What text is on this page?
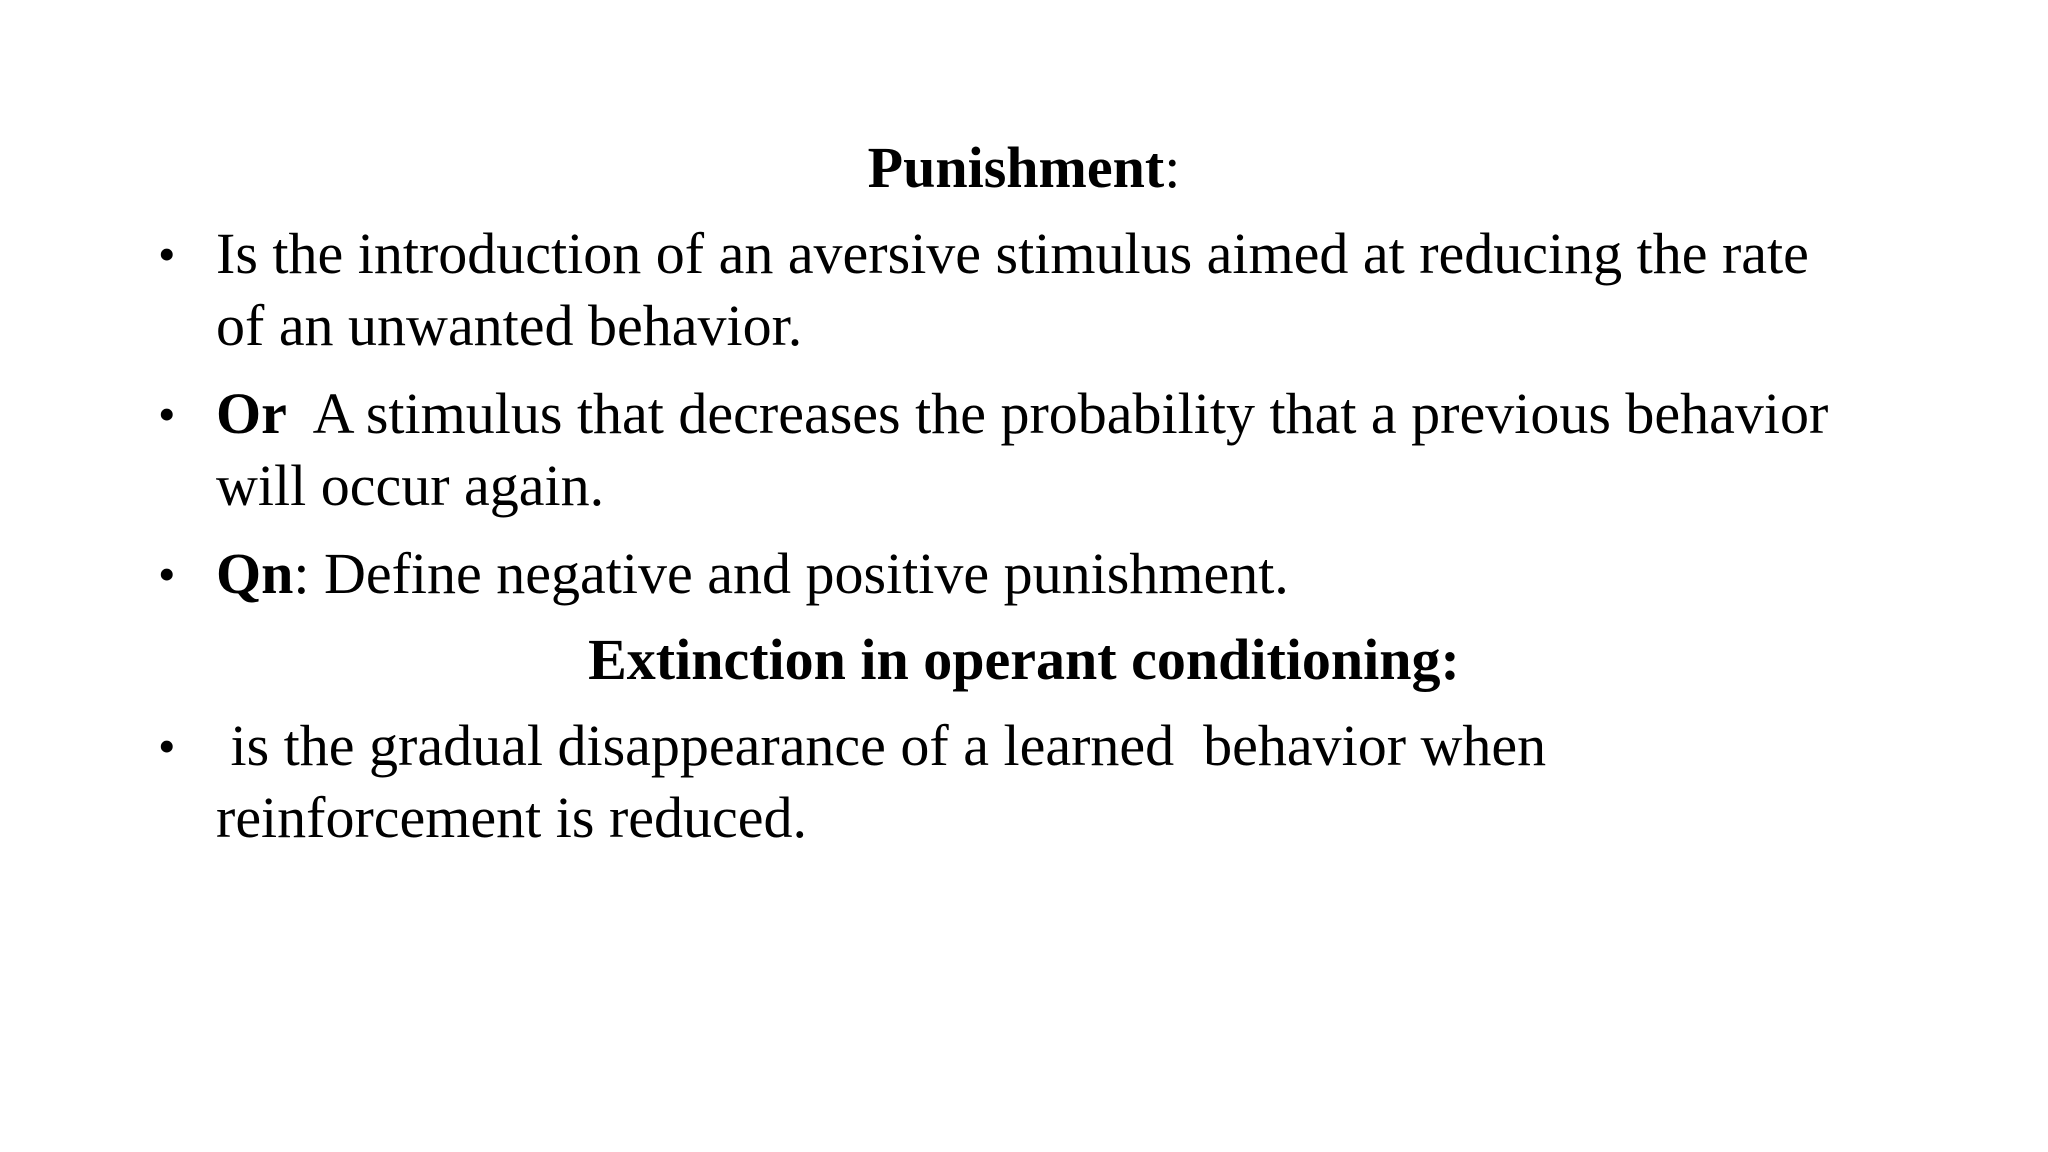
Punishment:
• Is the introduction of an aversive stimulus aimed at reducing the rate
of an unwanted behavior.
• Or  A stimulus that decreases the probability that a previous behavior
will occur again.
• Qn: Define negative and positive punishment.
Extinction in operant conditioning:
• is the gradual disappearance of a learned  behavior when
reinforcement is reduced.
